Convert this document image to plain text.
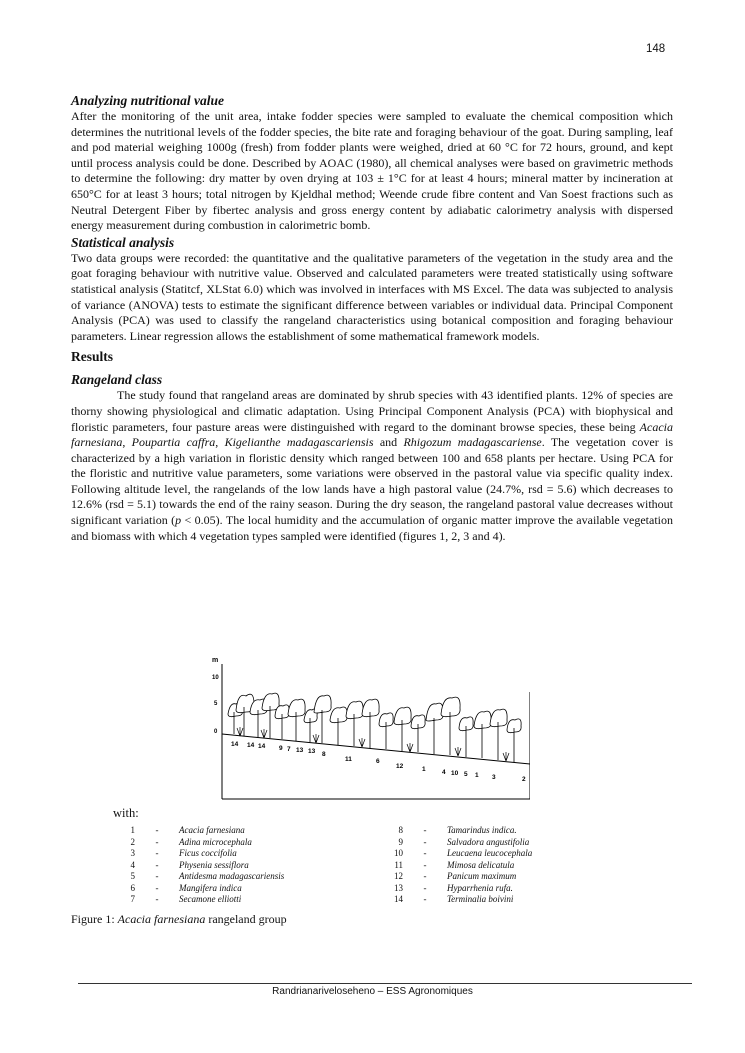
148
Analyzing nutritional value

After the monitoring of the unit area, intake fodder species were sampled to evaluate the chemical composition which determines the nutritional levels of the fodder species, the bite rate and foraging behaviour of the goat. During sampling, leaf and pod material weighing 1000g (fresh) from fodder plants were weighed, dried at 60 °C for 72 hours, ground, and kept until process analysis could be done. Described by AOAC (1980), all chemical analyses were based on gravimetric methods to determine the following: dry matter by oven drying at 103 ± 1°C for at least 4 hours; mineral matter by incineration at 650°C for at least 3 hours; total nitrogen by Kjeldhal method; Weende crude fibre content and Van Soest fractions such as Neutral Detergent Fiber by fibertec analysis and gross energy content by adiabatic calorimetry analysis with dispersed energy measurement during combustion in calorimetric bomb.

Statistical analysis

Two data groups were recorded: the quantitative and the qualitative parameters of the vegetation in the study area and the goat foraging behaviour with nutritive value. Observed and calculated parameters were treated statistically using software statistical analysis (Statitcf, XLStat 6.0) which was involved in interfaces with MS Excel. The data was subjected to analysis of variance (ANOVA) tests to estimate the significant difference between variables or individual data. Principal Component Analysis (PCA) was used to classify the rangeland characteristics using botanical composition and foraging behaviour parameters. Linear regression allows the establishment of some mathematical framework models.

Results
Rangeland class

The study found that rangeland areas are dominated by shrub species with 43 identified plants. 12% of species are thorny showing physiological and climatic adaptation. Using Principal Component Analysis (PCA) with biophysical and floristic parameters, four pasture areas were distinguished with regard to the dominant browse species, these being Acacia farnesiana, Poupartia caffra, Kigelianthe madagascariensis and Rhigozum madagascariense. The vegetation cover is characterized by a high variation in floristic density which ranged between 100 and 658 plants per hectare. Using PCA for the floristic and nutritive value parameters, some variations were observed in the pastoral value via specific quality index. Following altitude level, the rangelands of the low lands have a high pastoral value (24.7%, rsd = 5.6) which decreases to 12.6% (rsd = 5.1) towards the end of the rainy season. During the dry season, the rangeland pastoral value decreases without significant variation (p < 0.05). The local humidity and the accumulation of organic matter improve the available vegetation and biomass with which 4 vegetation types sampled were identified (figures 1, 2, 3 and 4).

m
10
5
0
14 14 14 9 7 13 13 8
11	6
12	1	4 10 5 1 3	2
with:
1	-	Acacia farnesiana
2	-	Adina microcephala
3	-	Ficus coccifolia
4	-	Physenia sessiflora
5	-	Antidesma madagascariensis
6	-	Mangifera indica
7	-	Secamone elliotti
8	-	Tamarindus indica.
9	-	Salvadora angustifolia
10	-	Leucaena leucocephala
11	-	Mimosa delicatula
12	-	Panicum maximum
13	-	Hyparrhenia rufa.
14	-	Terminalia boivini
Figure 1: Acacia farnesiana rangeland group
Randrianariveloseheno – ESS Agronomiques
